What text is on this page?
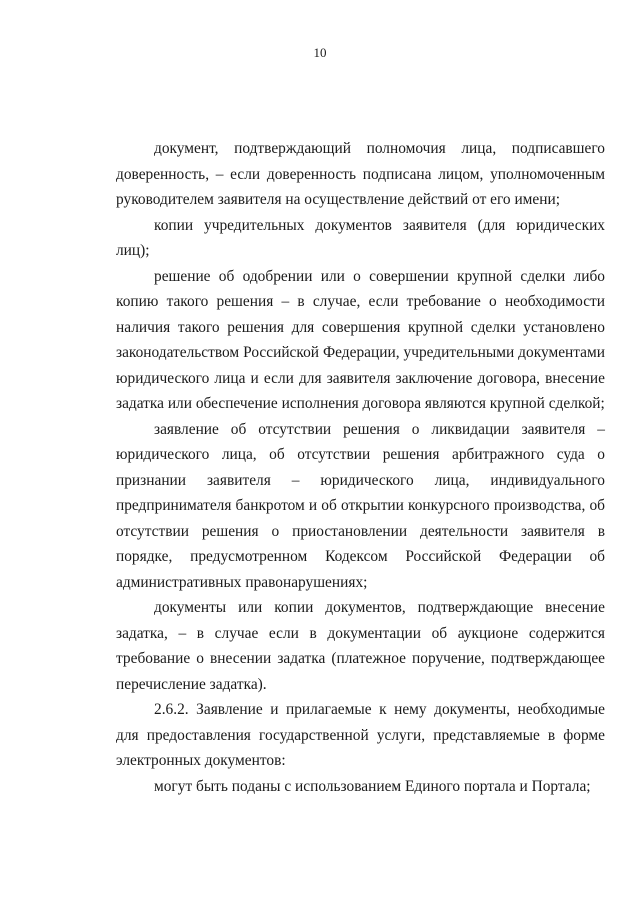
10

документ, подтверждающий полномочия лица, подписавшего доверенность, – если доверенность подписана лицом, уполномоченным руководителем заявителя на осуществление действий от его имени;

копии учредительных документов заявителя (для юридических лиц);

решение об одобрении или о совершении крупной сделки либо копию такого решения – в случае, если требование о необходимости наличия такого решения для совершения крупной сделки установлено законодательством Российской Федерации, учредительными документами юридического лица и если для заявителя заключение договора, внесение задатка или обеспечение исполнения договора являются крупной сделкой;

заявление об отсутствии решения о ликвидации заявителя – юридического лица, об отсутствии решения арбитражного суда о признании заявителя – юридического лица, индивидуального предпринимателя банкротом и об открытии конкурсного производства, об отсутствии решения о приостановлении деятельности заявителя в порядке, предусмотренном Кодексом Российской Федерации об административных правонарушениях;

документы или копии документов, подтверждающие внесение задатка, – в случае если в документации об аукционе содержится требование о внесении задатка (платежное поручение, подтверждающее перечисление задатка).

2.6.2. Заявление и прилагаемые к нему документы, необходимые для предоставления государственной услуги, представляемые в форме электронных документов:

могут быть поданы с использованием Единого портала и Портала;
